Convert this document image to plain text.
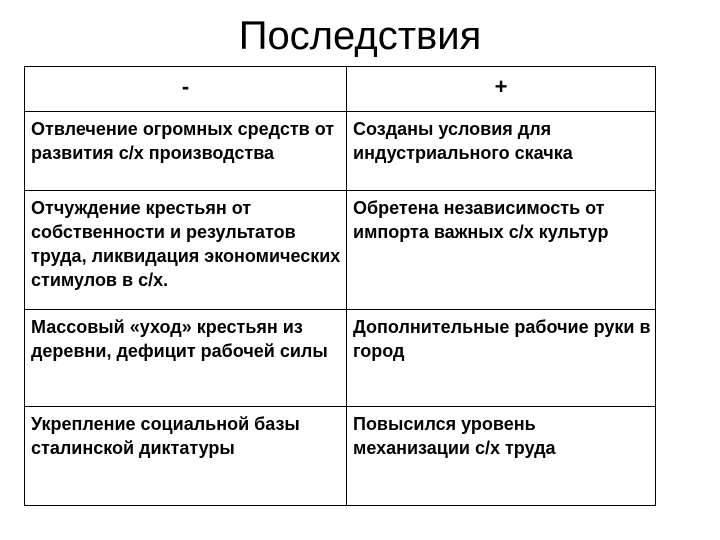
Последствия
-	+

Отвлечение огромных средств от развития с/х производства	Созданы условия для индустриального скачка

Отчуждение крестьян от собственности и результатов труда, ликвидация экономических стимулов в с/х.	Обретена независимость от импорта важных с/х культур

Массовый «уход» крестьян из деревни, дефицит рабочей силы	Дополнительные рабочие руки в город

Укрепление социальной базы сталинской диктатуры	Повысился уровень механизации с/х труда
